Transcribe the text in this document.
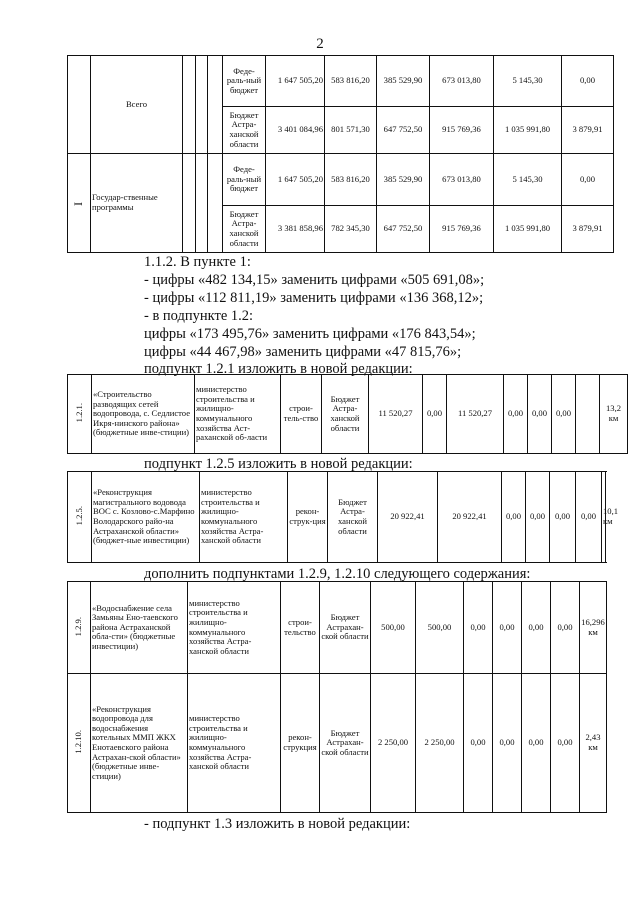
2
	Всего				Феде-раль-ный бюджет	1 647 505,20	583 816,20	385 529,90	673 013,80	5 145,30	0,00
					Бюджет Астра-ханской области	3 401 084,96	801 571,30	647 752,50	915 769,36	1 035 991,80	3 879,91
I	Государ-ственные программы				Феде-раль-ный бюджет	1 647 505,20	583 816,20	385 529,90	673 013,80	5 145,30	0,00
					Бюджет Астра-ханской области	3 381 858,96	782 345,30	647 752,50	915 769,36	1 035 991,80	3 879,91
1.1.2. В пункте 1:
- цифры «482 134,15» заменить цифрами «505 691,08»;
- цифры «112 811,19» заменить цифрами «136 368,12»;
- в подпункте 1.2:
цифры «173 495,76» заменить цифрами «176 843,54»;
цифры «44 467,98» заменить цифрами «47 815,76»;
подпункт 1.2.1 изложить в новой редакции:
1.2.1.	«Строительство разводящих сетей водопровода, с. Седлистое Икря-нинского района» (бюджетные инве-стиции)	министерство строительства и жилищно-коммунального хозяйства Аст-раханской об-ласти	строи-тель-ство	Бюджет Астра-ханской области	11 520,27	0,00	11 520,27	0,00	0,00	0,00		13,2 км
подпункт 1.2.5 изложить в новой редакции:
1.2.5.	«Реконструкция магистрального водовода ВОС с. Козлово-с.Марфино Володарского райо-на Астраханской области» (бюджет-ные инвестиции)	министерство строительства и жилищно-коммунального хозяйства Астра-ханской области	рекон-струк-ция	Бюджет Астра-ханской области	20 922,41	20 922,41	0,00	0,00	0,00	0,00	10,1 км
дополнить подпунктами 1.2.9, 1.2.10 следующего содержания:
1.2.9.	«Водоснабжение села Замьяны Ено-таевского района Астраханской обла-сти» (бюджетные инвестиции)	министерство строительства и жилищно-коммунального хозяйства Астра-ханской области	строи-тельство	Бюджет Астрахан-ской области	500,00	500,00	0,00	0,00	0,00	0,00	16,296 км
1.2.10.	«Реконструкция водопровода для водоснабжения котельных ММП ЖКХ Енотаевского района Астрахан-ской области» (бюджетные инве-стиции)	министерство строительства и жилищно-коммунального хозяйства Астра-ханской области	рекон-струкция	Бюджет Астрахан-ской области	2 250,00	2 250,00	0,00	0,00	0,00	0,00	2,43 км
- подпункт 1.3 изложить в новой редакции:
